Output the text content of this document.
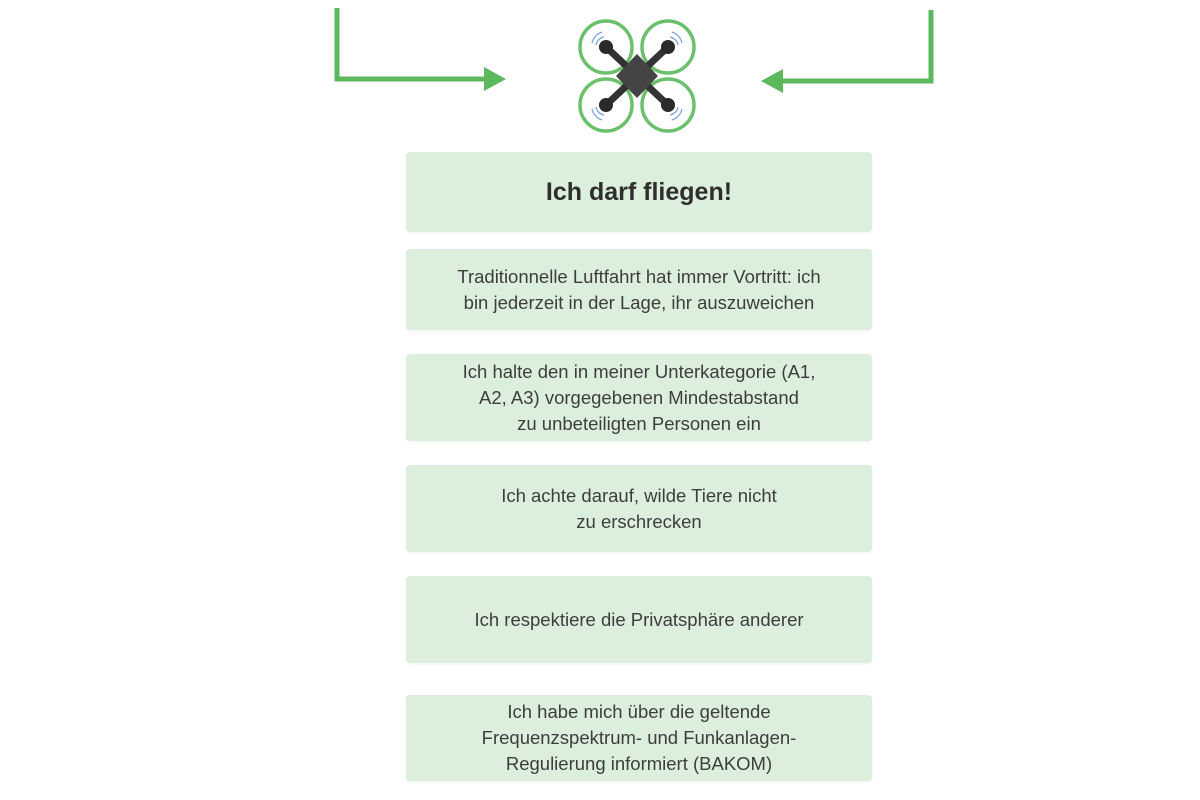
Ich darf fliegen!
Traditionnelle Luftfahrt hat immer Vortritt: ich
bin jederzeit in der Lage, ihr auszuweichen
Ich halte den in meiner Unterkategorie (A1,
A2, A3) vorgegebenen Mindestabstand
zu unbeteiligten Personen ein
Ich achte darauf, wilde Tiere nicht
zu erschrecken
Ich respektiere die Privatsphäre anderer
Ich habe mich über die geltende
Frequenzspektrum- und Funkanlagen-
Regulierung informiert (BAKOM)
